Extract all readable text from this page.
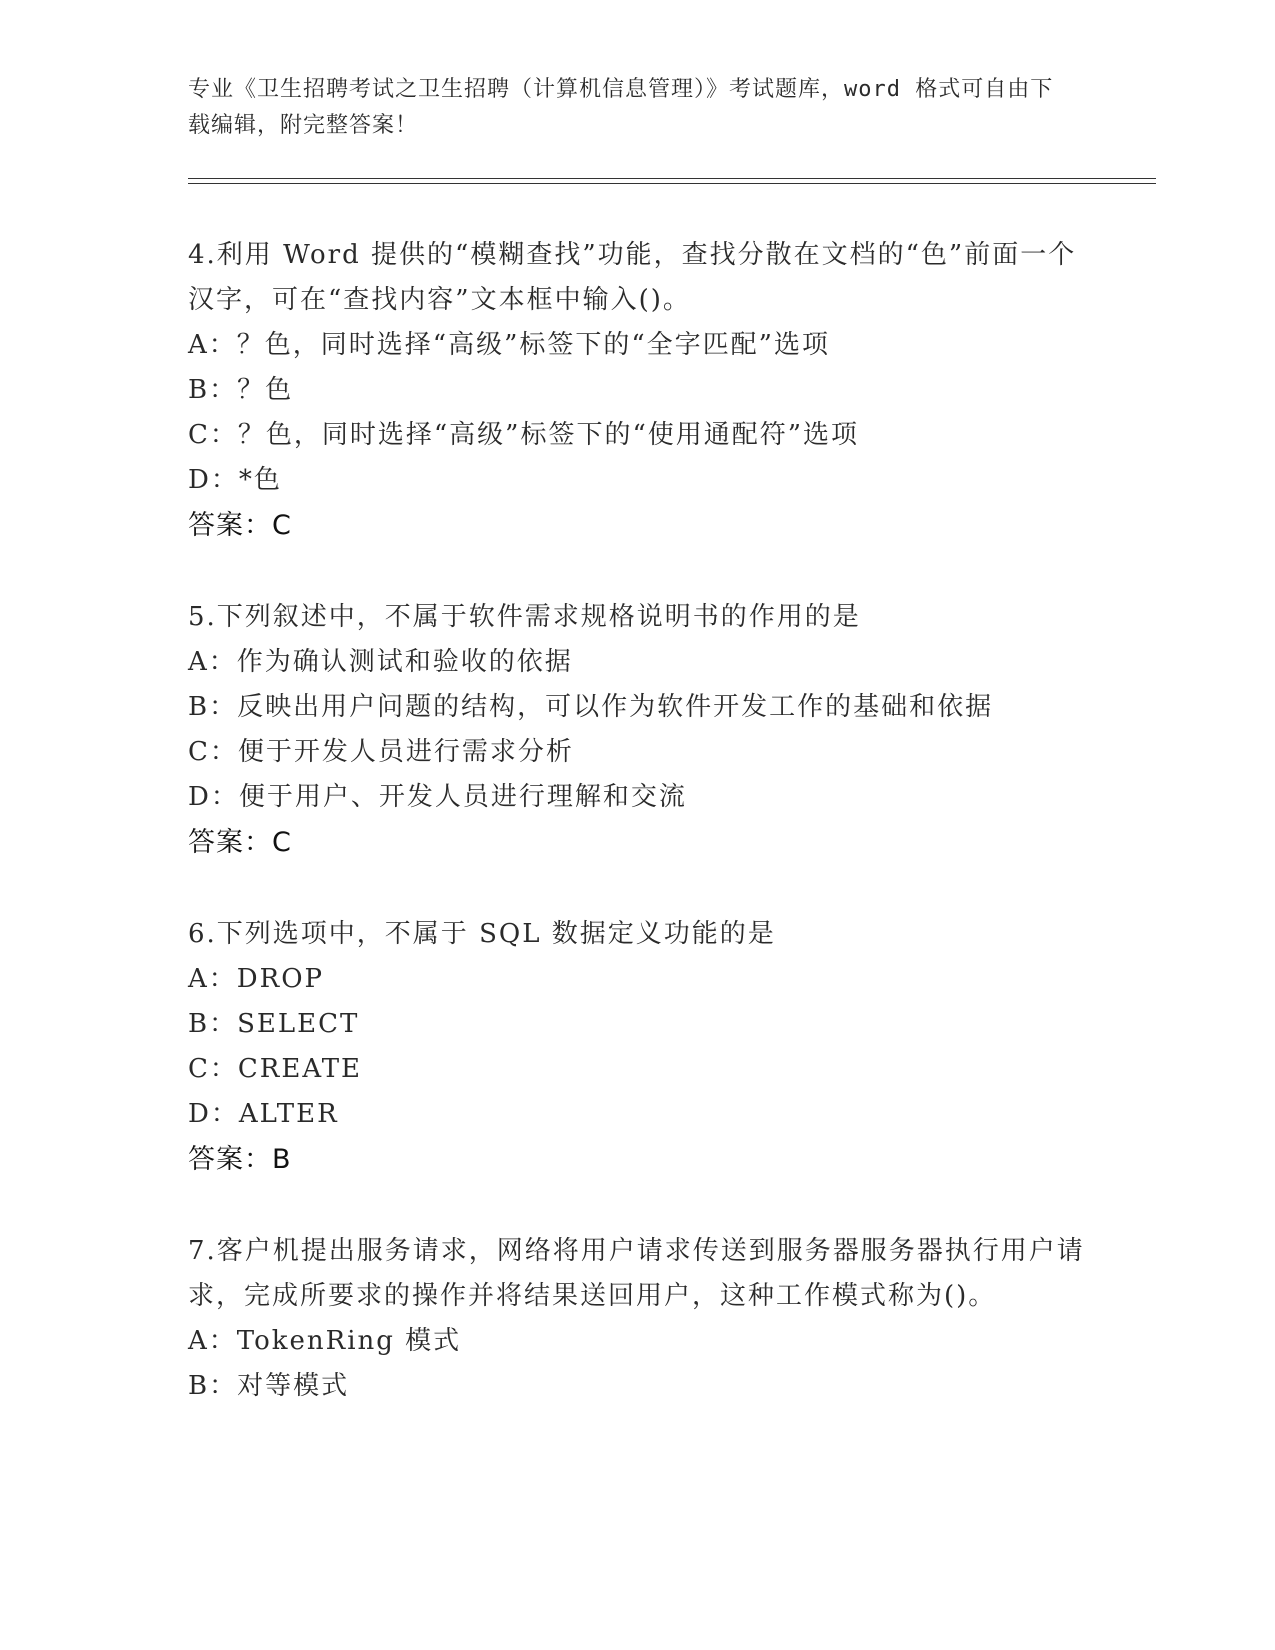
专业《卫生招聘考试之卫生招聘（计算机信息管理）》考试题库，word 格式可自由下载编辑，附完整答案！
4.利用 Word 提供的“模糊查找”功能，查找分散在文档的“色”前面一个汉字，可在“查找内容”文本框中输入()。
A：？色，同时选择“高级”标签下的“全字匹配”选项
B：？色
C：？色，同时选择“高级”标签下的“使用通配符”选项
D：*色
答案：C
5.下列叙述中，不属于软件需求规格说明书的作用的是
A：作为确认测试和验收的依据
B：反映出用户问题的结构，可以作为软件开发工作的基础和依据
C：便于开发人员进行需求分析
D：便于用户、开发人员进行理解和交流
答案：C
6.下列选项中，不属于 SQL 数据定义功能的是
A：DROP
B：SELECT
C：CREATE
D：ALTER
答案：B
7.客户机提出服务请求，网络将用户请求传送到服务器服务器执行用户请求，完成所要求的操作并将结果送回用户，这种工作模式称为()。
A：TokenRing 模式
B：对等模式
